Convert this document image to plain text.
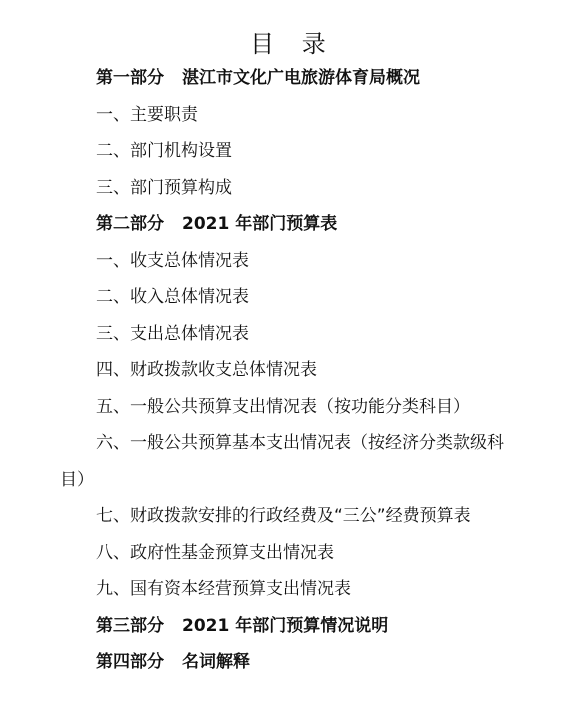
目 录
第一部分 湛江市文化广电旅游体育局概况
一、主要职责
二、部门机构设置
三、部门预算构成
第二部分 2021 年部门预算表
一、收支总体情况表
二、收入总体情况表
三、支出总体情况表
四、财政拨款收支总体情况表
五、一般公共预算支出情况表（按功能分类科目）
六、一般公共预算基本支出情况表（按经济分类款级科
目）
七、财政拨款安排的行政经费及“三公”经费预算表
八、政府性基金预算支出情况表
九、国有资本经营预算支出情况表
第三部分 2021 年部门预算情况说明
第四部分 名词解释
